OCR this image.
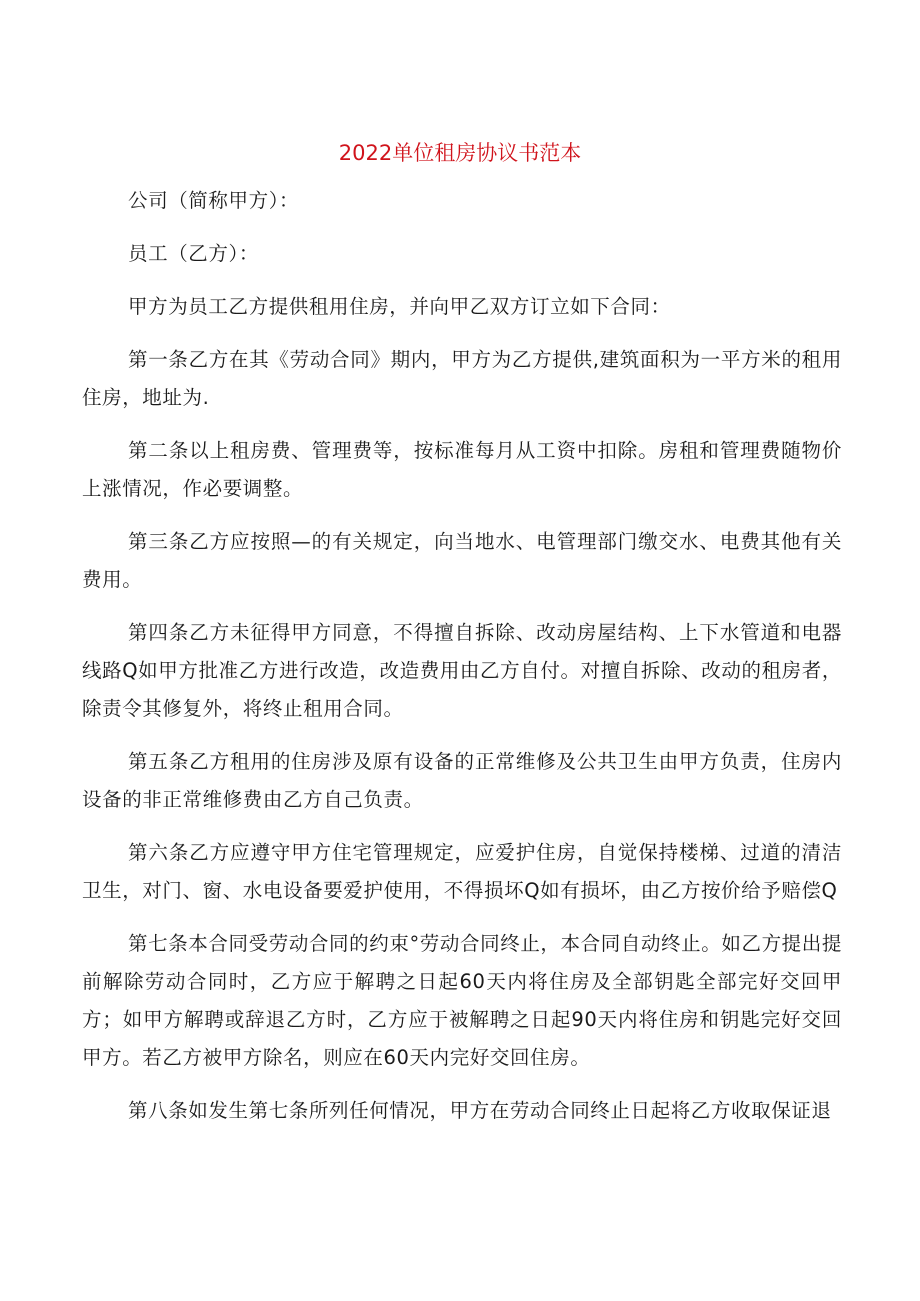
2022单位租房协议书范本

公司（简称甲方）：

员工（乙方）：

甲方为员工乙方提供租用住房，并向甲乙双方订立如下合同：

第一条乙方在其《劳动合同》期内，甲方为乙方提供,建筑面积为一平方米的租用住房，地址为.

第二条以上租房费、管理费等，按标准每月从工资中扣除。房租和管理费随物价上涨情况，作必要调整。

第三条乙方应按照—的有关规定，向当地水、电管理部门缴交水、电费其他有关费用。

第四条乙方未征得甲方同意，不得擅自拆除、改动房屋结构、上下水管道和电器线路Q如甲方批准乙方进行改造，改造费用由乙方自付。对擅自拆除、改动的租房者，除责令其修复外，将终止租用合同。

第五条乙方租用的住房涉及原有设备的正常维修及公共卫生由甲方负责，住房内设备的非正常维修费由乙方自己负责。

第六条乙方应遵守甲方住宅管理规定，应爱护住房，自觉保持楼梯、过道的清洁卫生，对门、窗、水电设备要爱护使用，不得损坏Q如有损坏，由乙方按价给予赔偿Q

第七条本合同受劳动合同的约束°劳动合同终止，本合同自动终止。如乙方提出提前解除劳动合同时，乙方应于解聘之日起60天内将住房及全部钥匙全部完好交回甲方；如甲方解聘或辞退乙方时，乙方应于被解聘之日起90天内将住房和钥匙完好交回甲方。若乙方被甲方除名，则应在60天内完好交回住房。

第八条如发生第七条所列任何情况，甲方在劳动合同终止日起将乙方收取保证退
